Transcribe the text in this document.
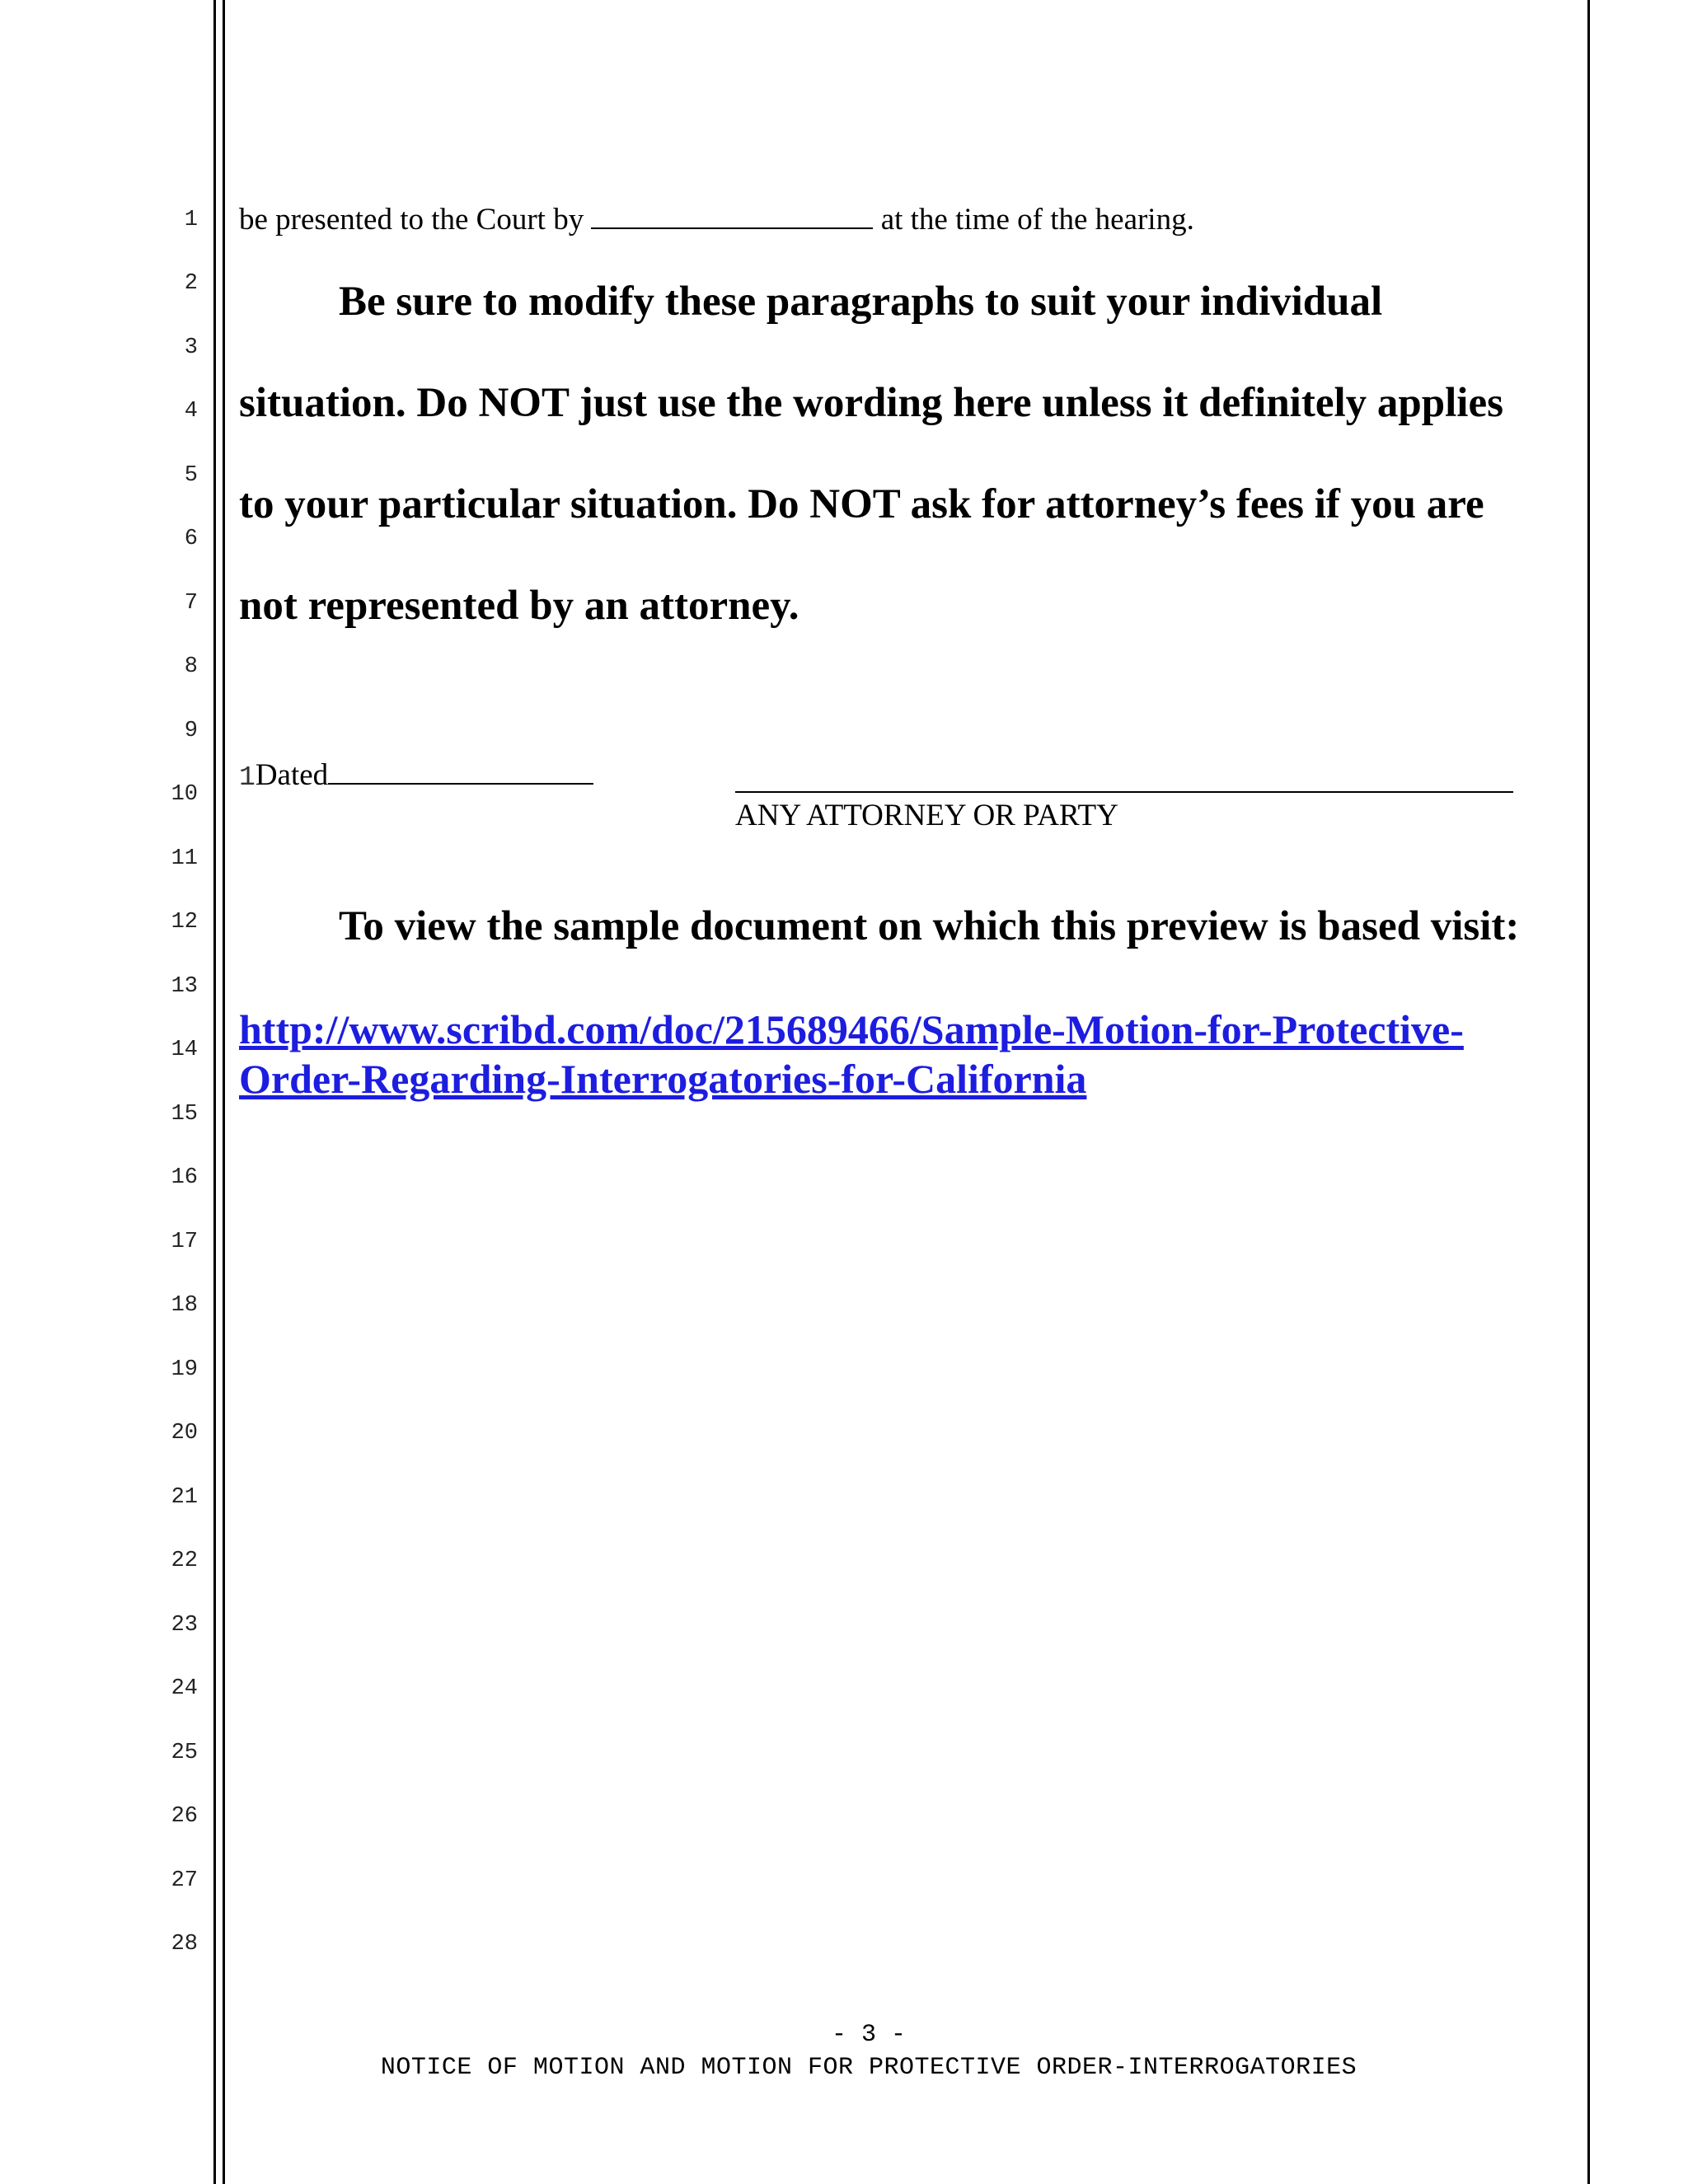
1
2
3
4
5
6
7
8
9
10
11
12
13
14
15
16
17
18
19
20
21
22
23
24
25
26
27
28
be presented to the Court by	at the time of the hearing.
Be sure to modify these paragraphs to suit your individual
situation. Do NOT just use the wording here unless it definitely applies
to your particular situation. Do NOT ask for attorney’s fees if you are
not represented by an attorney.
1Dated
ANY ATTORNEY OR PARTY
To view the sample document on which this preview is based visit:
http://www.scribd.com/doc/215689466/Sample-Motion-for-Protective-
Order-Regarding-Interrogatories-for-California
- 3 -
NOTICE OF MOTION AND MOTION FOR PROTECTIVE ORDER-INTERROGATORIES
